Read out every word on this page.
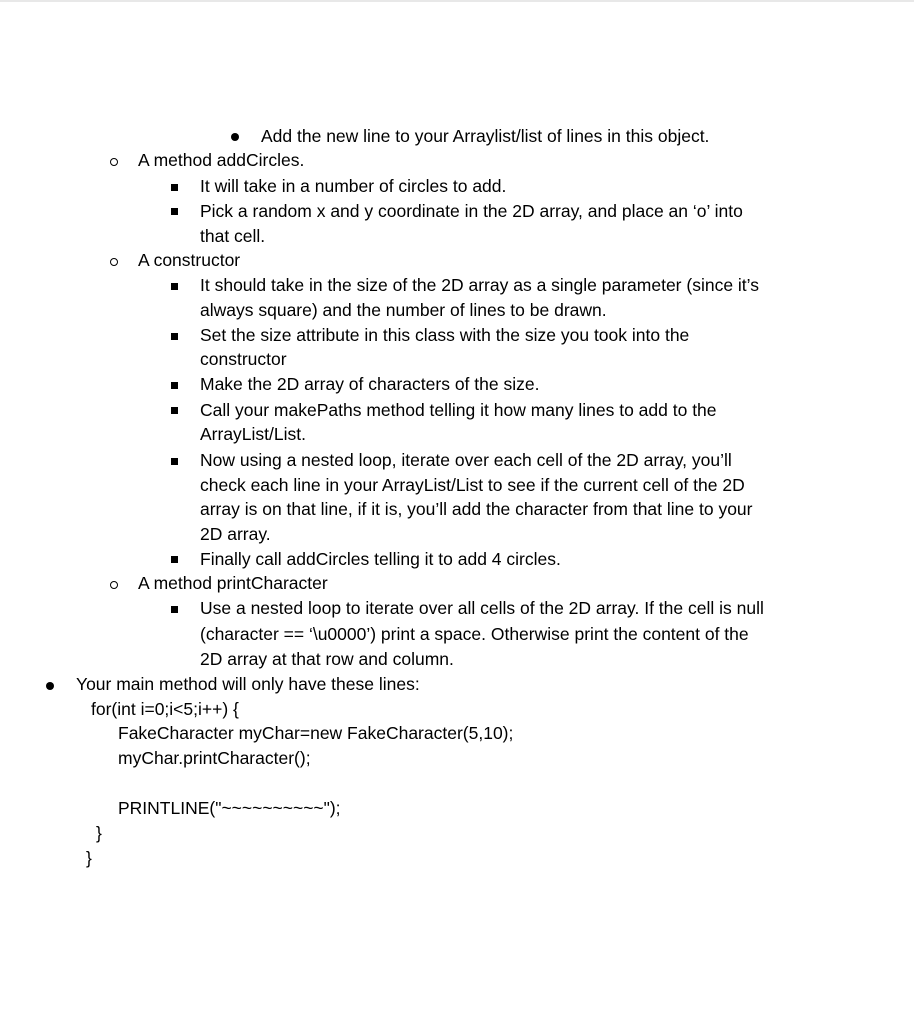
Add the new line to your Arraylist/list of lines in this object.
A method addCircles.
It will take in a number of circles to add.
Pick a random x and y coordinate in the 2D array, and place an ‘o’ into
that cell.
A constructor
It should take in the size of the 2D array as a single parameter (since it’s
always square) and the number of lines to be drawn.
Set the size attribute in this class with the size you took into the
constructor
Make the 2D array of characters of the size.
Call your makePaths method telling it how many lines to add to the
ArrayList/List.
Now using a nested loop, iterate over each cell of the 2D array, you’ll
check each line in your ArrayList/List to see if the current cell of the 2D
array is on that line, if it is, you’ll add the character from that line to your
2D array.
Finally call addCircles telling it to add 4 circles.
A method printCharacter
Use a nested loop to iterate over all cells of the 2D array. If the cell is null
(character == ‘\u0000’) print a space. Otherwise print the content of the
2D array at that row and column.
Your main method will only have these lines:
for(int i=0;i<5;i++) {
FakeCharacter myChar=new FakeCharacter(5,10);
myChar.printCharacter();
PRINTLINE("~~~~~~~~~~");
}
}
